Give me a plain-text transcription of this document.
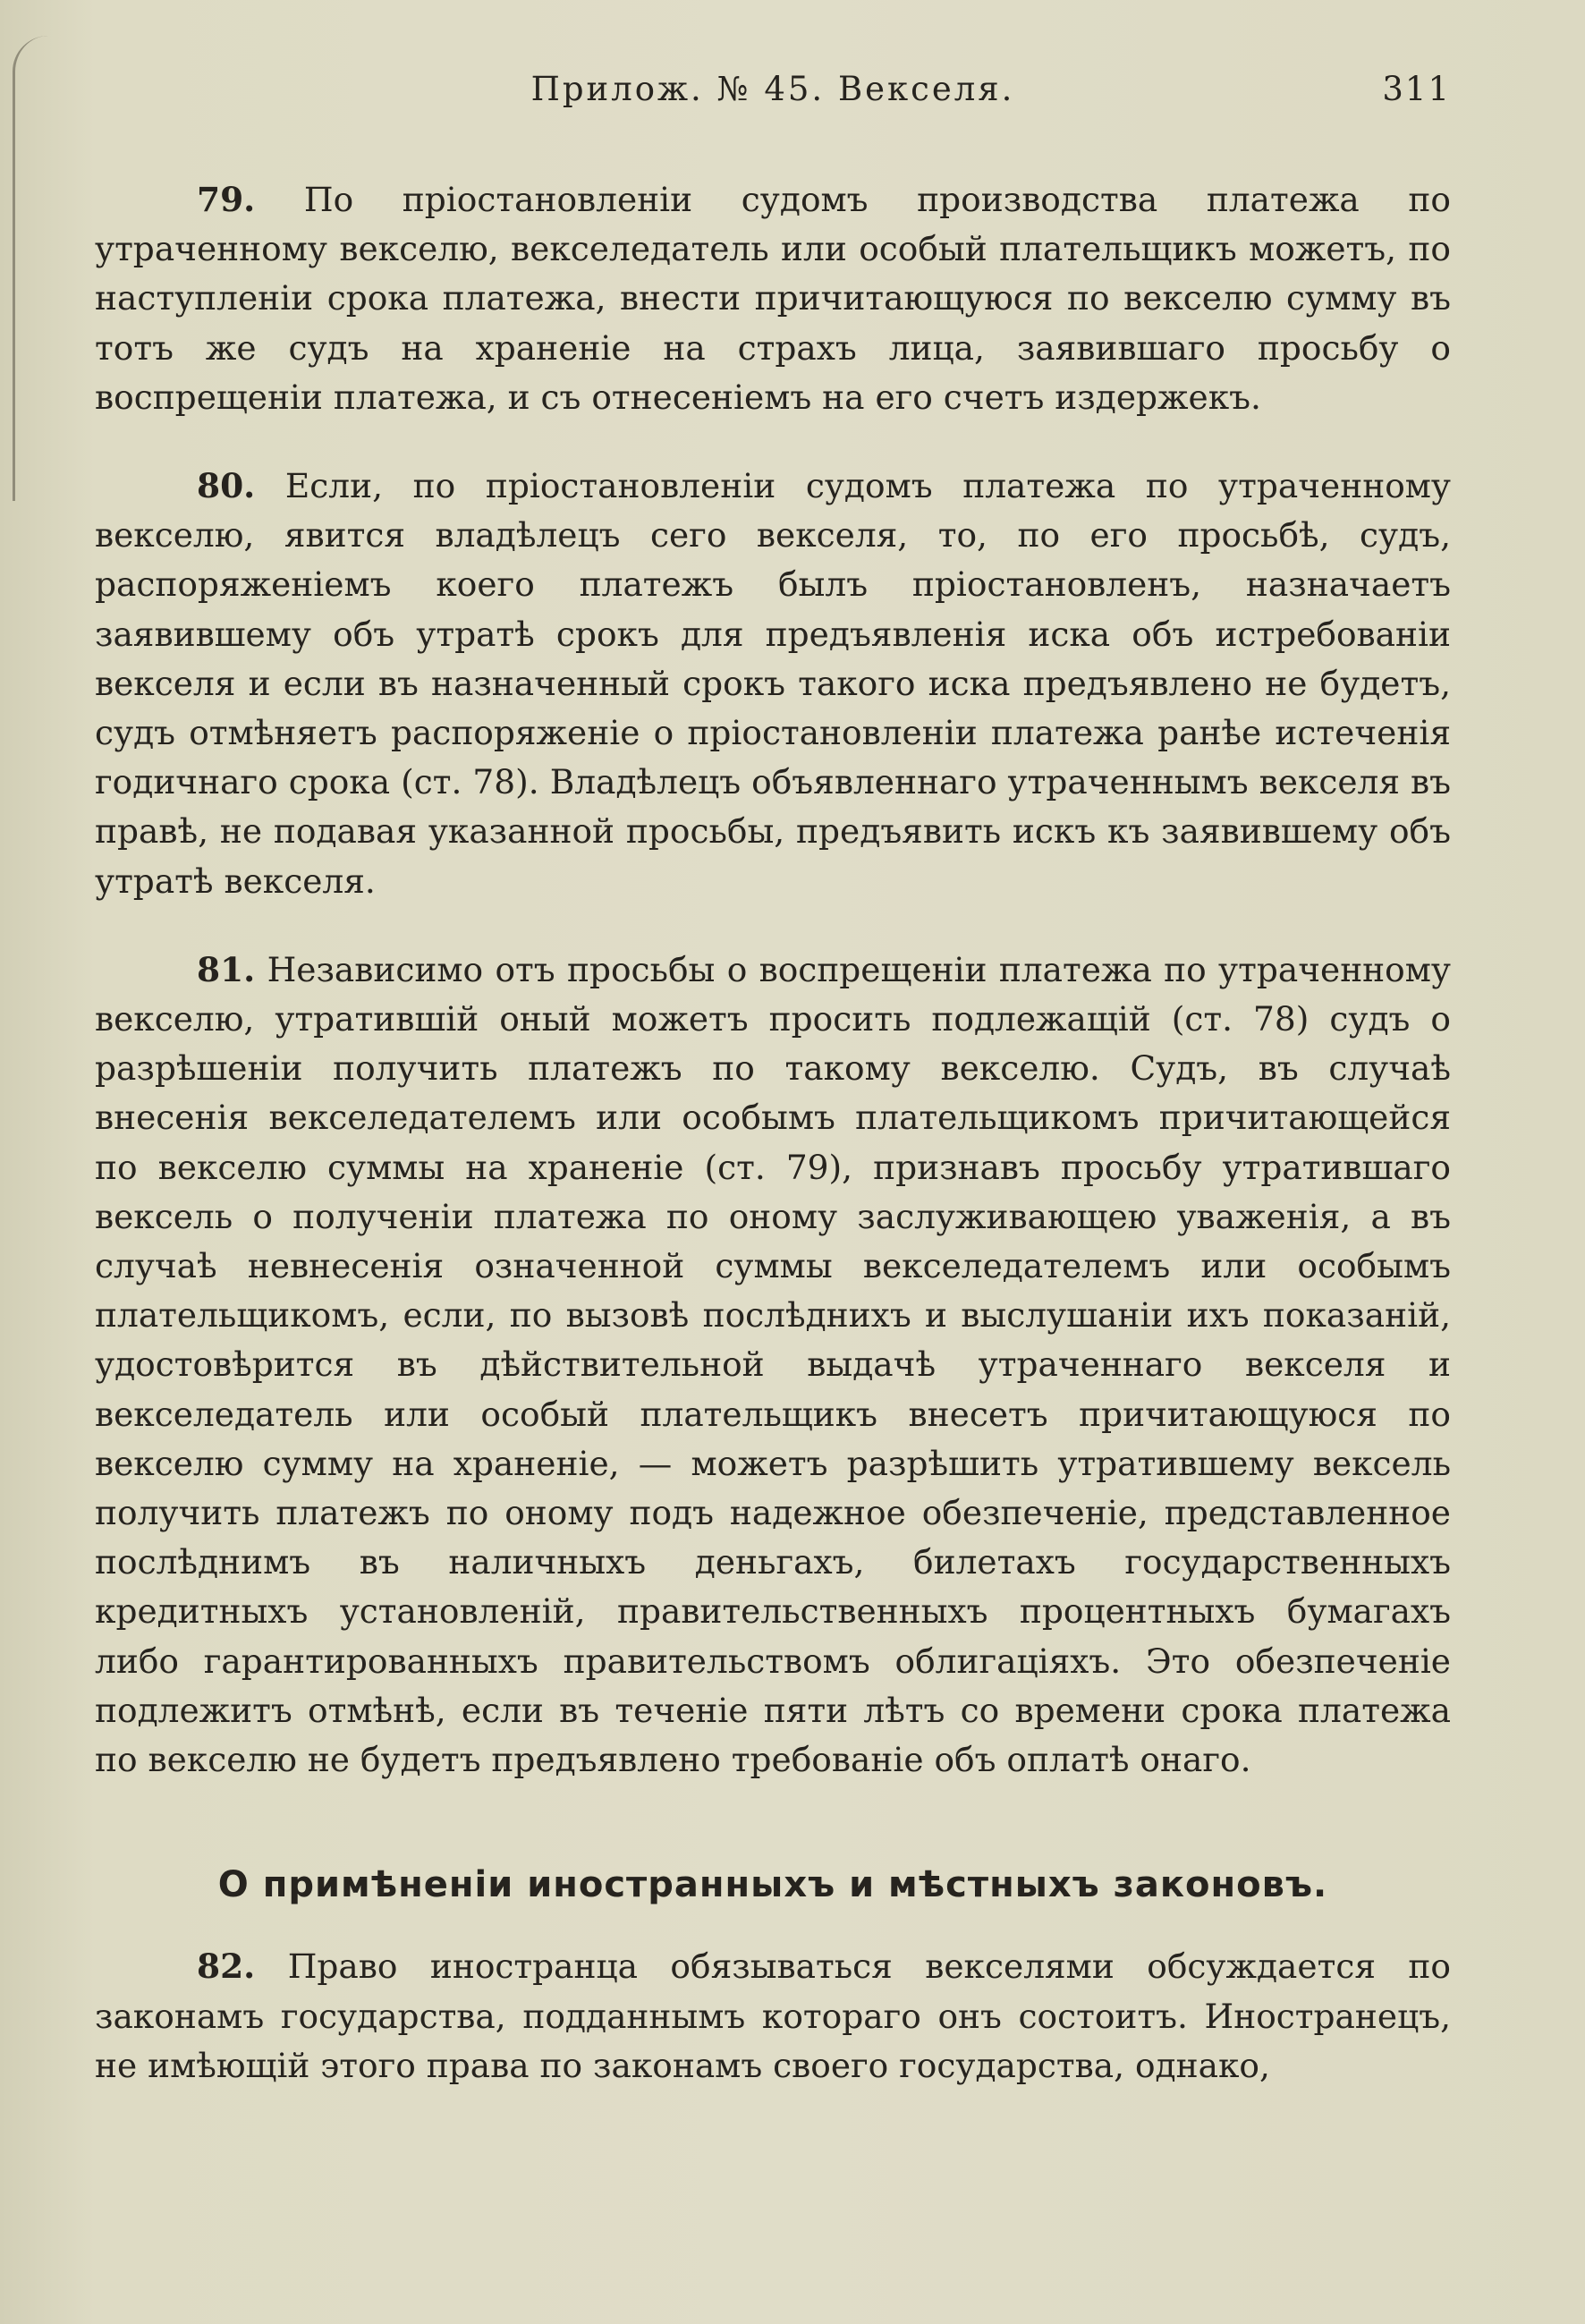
Прилож. № 45. Векселя.	311

79. По пріостановленіи судомъ производства платежа по утраченному векселю, векселедатель или особый плательщикъ можетъ, по наступленіи срока платежа, внести причитающуюся по векселю сумму въ тотъ же судъ на храненіе на страхъ лица, заявившаго просьбу о воспрещеніи платежа, и съ отнесеніемъ на его счетъ издержекъ.

80. Если, по пріостановленіи судомъ платежа по утраченному векселю, явится владѣлецъ сего векселя, то, по его просьбѣ, судъ, распоряженіемъ коего платежъ былъ пріостановленъ, назначаетъ заявившему объ утратѣ срокъ для предъявленія иска объ истребованіи векселя и если въ назначенный срокъ такого иска предъявлено не будетъ, судъ отмѣняетъ распоряженіе о пріостановленіи платежа ранѣе истеченія годичнаго срока (ст. 78). Владѣлецъ объявленнаго утраченнымъ векселя въ правѣ, не подавая указанной просьбы, предъявить искъ къ заявившему объ утратѣ векселя.

81. Независимо отъ просьбы о воспрещеніи платежа по утраченному векселю, утратившій оный можетъ просить подлежащій (ст. 78) судъ о разрѣшеніи получить платежъ по такому векселю. Судъ, въ случаѣ внесенія векселедателемъ или особымъ плательщикомъ причитающейся по векселю суммы на храненіе (ст. 79), признавъ просьбу утратившаго вексель о полученіи платежа по оному заслуживающею уваженія, а въ случаѣ невнесенія означенной суммы векселедателемъ или особымъ плательщикомъ, если, по вызовѣ послѣднихъ и выслушаніи ихъ показаній, удостовѣрится въ дѣйствительной выдачѣ утраченнаго векселя и векселедатель или особый плательщикъ внесетъ причитающуюся по векселю сумму на храненіе, — можетъ разрѣшить утратившему вексель получить платежъ по оному подъ надежное обезпеченіе, представленное послѣднимъ въ наличныхъ деньгахъ, билетахъ государственныхъ кредитныхъ установленій, правительственныхъ процентныхъ бумагахъ либо гарантированныхъ правительствомъ облигаціяхъ. Это обезпеченіе подлежитъ отмѣнѣ, если въ теченіе пяти лѣтъ со времени срока платежа по векселю не будетъ предъявлено требованіе объ оплатѣ онаго.

О примѣненіи иностранныхъ и мѣстныхъ законовъ.

82. Право иностранца обязываться векселями обсуждается по законамъ государства, подданнымъ котораго онъ состоитъ. Иностранецъ, не имѣющій этого права по законамъ своего государства, однако,
